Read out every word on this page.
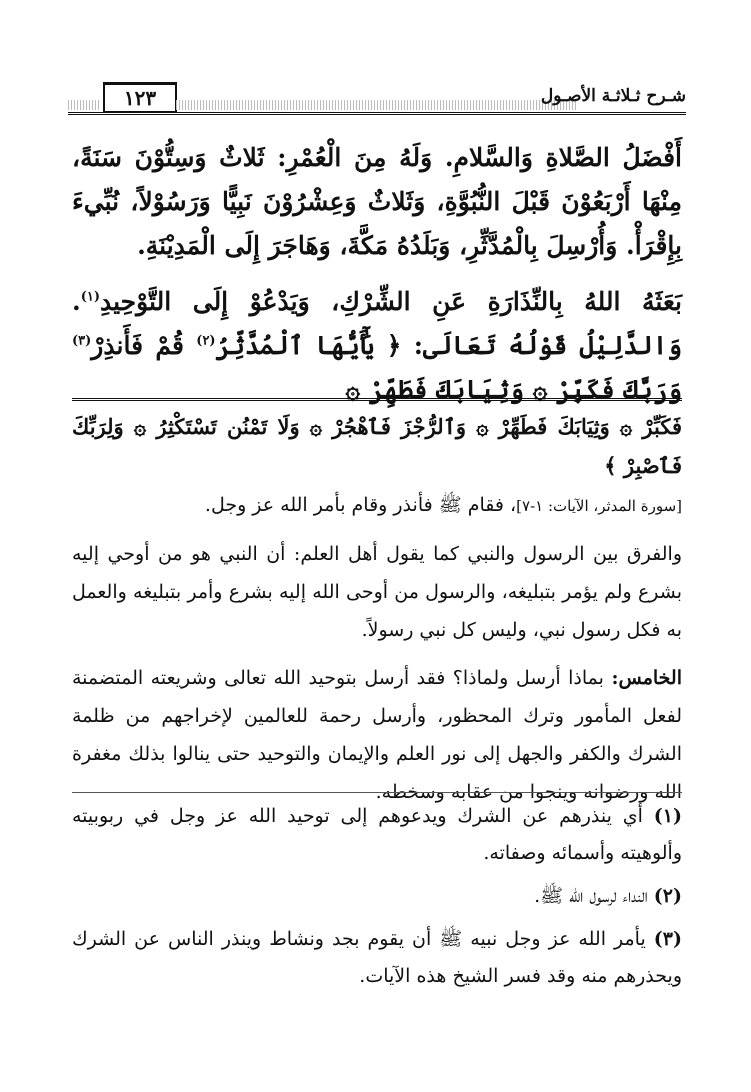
١٢٣	شـرح ثـلاثـة الأصـول

أَفْضَلُ الصَّلاةِ وَالسَّلامِ. وَلَهُ مِنَ الْعُمْرِ: ثَلاثٌ وَسِتُّوْنَ سَنَةً، مِنْهَا أَرْبَعُوْنَ قَبْلَ النُّبُوَّةِ، وَثَلاثٌ وَعِشْرُوْنَ نَبِيًّا وَرَسُوْلاً، نُبِّيءَ بِإِقْرَأْ. وَأُرْسِلَ بِالْمُدَّثِّرِ، وَبَلَدُهُ مَكَّةَ، وَهَاجَرَ إِلَى الْمَدِيْنَةِ.

بَعَثَهُ اللهُ بِالنِّذَارَةِ عَنِ الشِّرْكِ، وَيَدْعُوْ إِلَى التَّوْحِيدِ$^{(١)}$. وَالدَّلِيْلُ قَوْلُهُ تَعَالَى: ﴿ يَٰٓأَيُّهَا ٱلْمُدَّثِّرُ$^{(٢)}$ قُمْ فَأَنذِرْ$^{(٣)}$ وَرَبَّكَ فَكَبِّرْ ۞ وَثِيَابَكَ فَطَهِّرْ ۞

فَكَبِّرْ ۞ وَثِيَابَكَ فَطَهِّرْ ۞ وَٱلرُّجْزَ فَٱهْجُرْ ۞ وَلَا تَمْنُن تَسْتَكْثِرُ ۞ وَلِرَبِّكَ فَٱصْبِرْ ﴾

[سورة المدثر، الآيات: ١-٧]، فقام ﷺ فأنذر وقام بأمر الله عز وجل.

والفرق بين الرسول والنبي كما يقول أهل العلم: أن النبي هو من أوحي إليه بشرع ولم يؤمر بتبليغه، والرسول من أوحى الله إليه بشرع وأمر بتبليغه والعمل به فكل رسول نبي، وليس كل نبي رسولاً.

الخامس: بماذا أرسل ولماذا؟ فقد أرسل بتوحيد الله تعالى وشريعته المتضمنة لفعل المأمور وترك المحظور، وأرسل رحمة للعالمين لإخراجهم من ظلمة الشرك والكفر والجهل إلى نور العلم والإيمان والتوحيد حتى ينالوا بذلك مغفرة الله ورضوانه وينجوا من عقابه وسخطه.

(١) أي ينذرهم عن الشرك ويدعوهم إلى توحيد الله عز وجل في ربوبيته وألوهيته وأسمائه وصفاته.

(٢) النداء لرسول الله ﷺ.

(٣) يأمر الله عز وجل نبيه ﷺ أن يقوم بجد ونشاط وينذر الناس عن الشرك ويحذرهم منه وقد فسر الشيخ هذه الآيات.
